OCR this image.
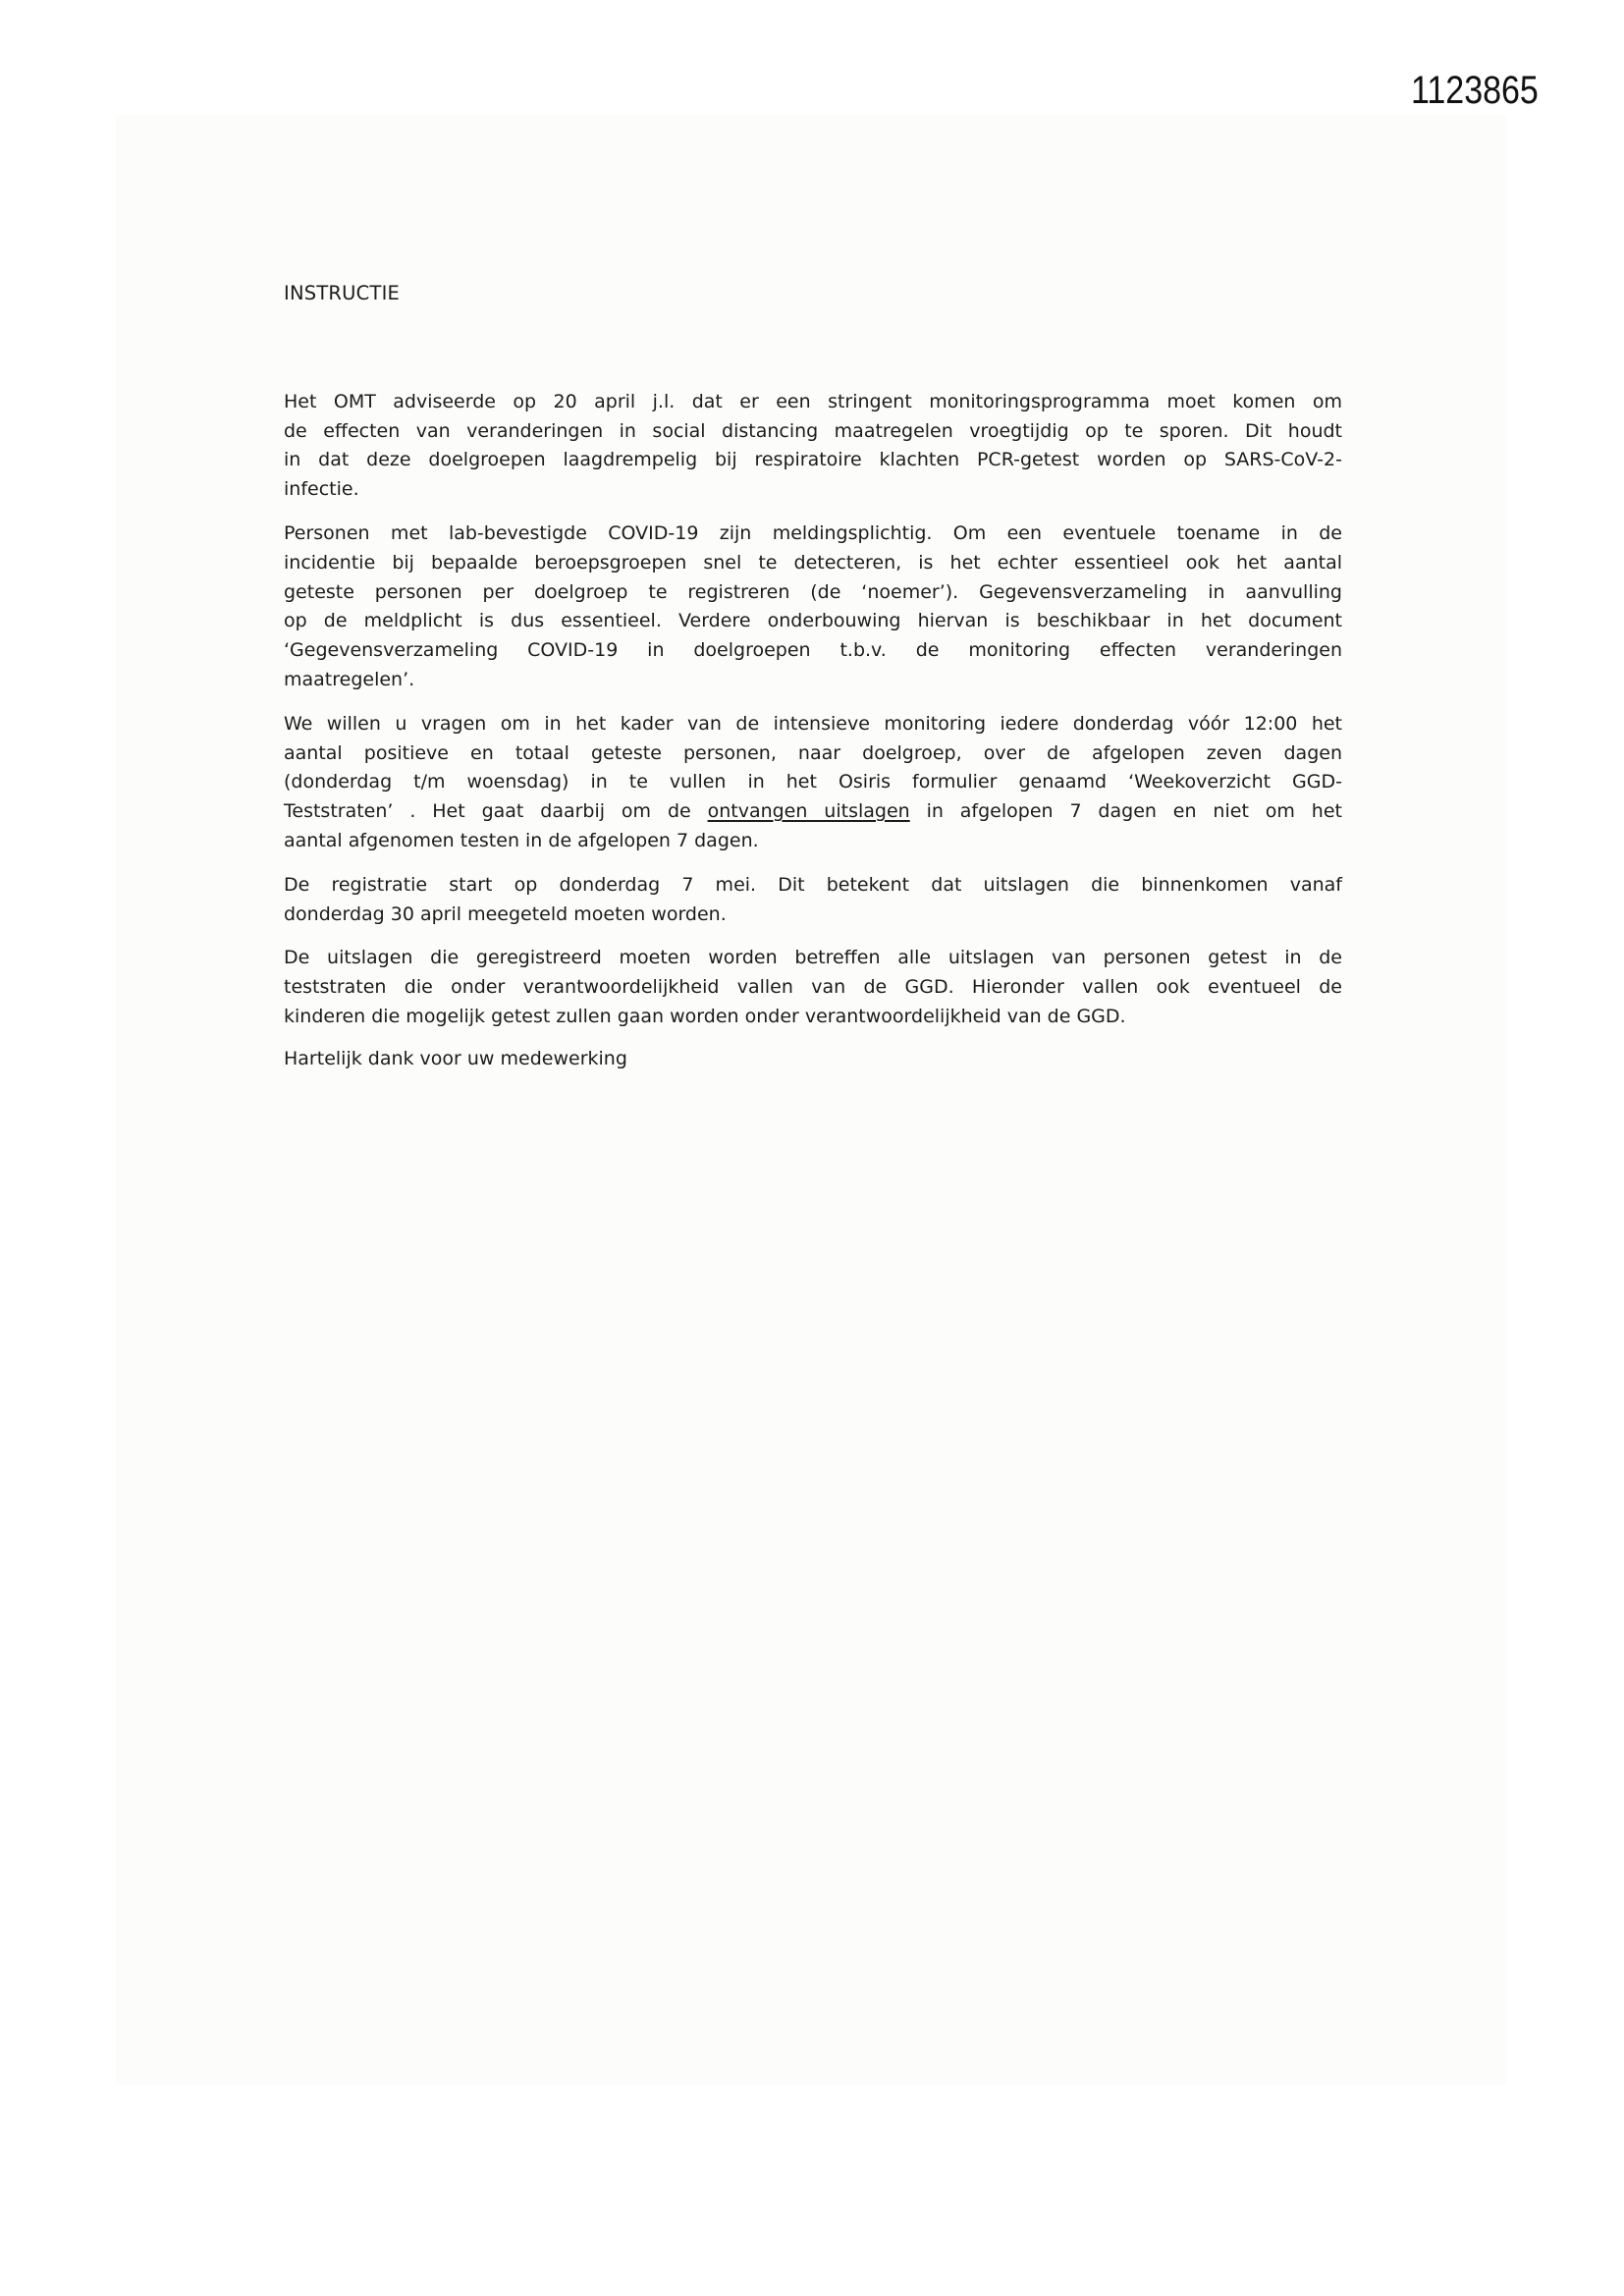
1123865

INSTRUCTIE

Het OMT adviseerde op 20 april j.l. dat er een stringent monitoringsprogramma moet komen om
de effecten van veranderingen in social distancing maatregelen vroegtijdig op te sporen. Dit houdt
in dat deze doelgroepen laagdrempelig bij respiratoire klachten PCR-getest worden op SARS-CoV-2-
infectie.
Personen met lab-bevestigde COVID-19 zijn meldingsplichtig. Om een eventuele toename in de
incidentie bij bepaalde beroepsgroepen snel te detecteren, is het echter essentieel ook het aantal
geteste personen per doelgroep te registreren (de ‘noemer’). Gegevensverzameling in aanvulling
op de meldplicht is dus essentieel. Verdere onderbouwing hiervan is beschikbaar in het document
‘Gegevensverzameling COVID-19 in doelgroepen t.b.v. de monitoring effecten veranderingen
maatregelen’.
We willen u vragen om in het kader van de intensieve monitoring iedere donderdag vóór 12:00 het
aantal positieve en totaal geteste personen, naar doelgroep, over de afgelopen zeven dagen
(donderdag t/m woensdag) in te vullen in het Osiris formulier genaamd ‘Weekoverzicht GGD-
Teststraten’ . Het gaat daarbij om de ontvangen uitslagen in afgelopen 7 dagen en niet om het
aantal afgenomen testen in de afgelopen 7 dagen.
De registratie start op donderdag 7 mei. Dit betekent dat uitslagen die binnenkomen vanaf
donderdag 30 april meegeteld moeten worden.
De uitslagen die geregistreerd moeten worden betreffen alle uitslagen van personen getest in de
teststraten die onder verantwoordelijkheid vallen van de GGD. Hieronder vallen ook eventueel de
kinderen die mogelijk getest zullen gaan worden onder verantwoordelijkheid van de GGD.
Hartelijk dank voor uw medewerking
